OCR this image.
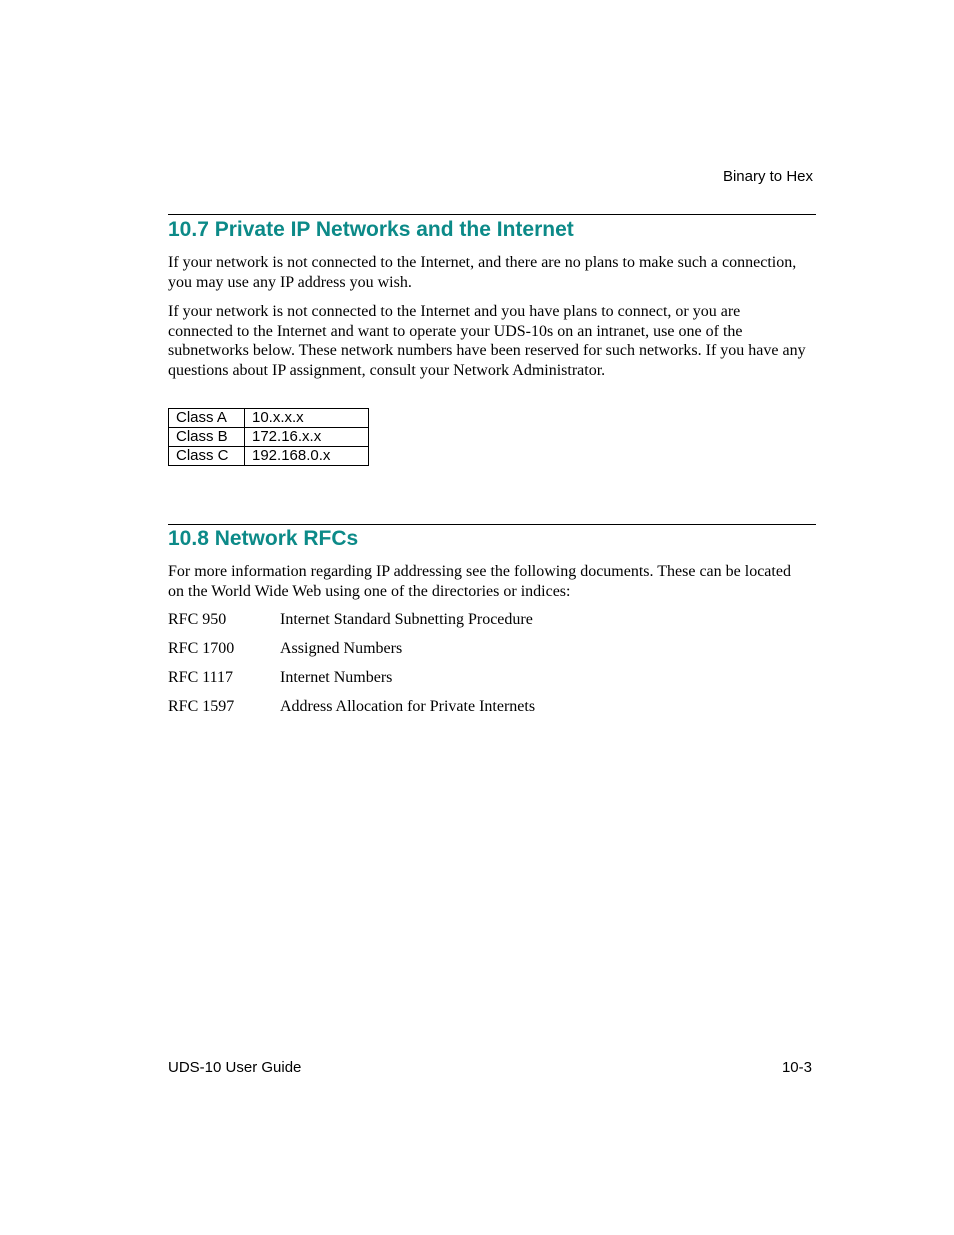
Binary to Hex
10.7 Private IP Networks and the Internet

If your network is not connected to the Internet, and there are no plans to make such a connection, you may use any IP address you wish.

If your network is not connected to the Internet and you have plans to connect, or you are connected to the Internet and want to operate your UDS-10s on an intranet, use one of the subnetworks below. These network numbers have been reserved for such networks. If you have any questions about IP assignment, consult your Network Administrator.

Class A	10.x.x.x
Class B	172.16.x.x
Class C	192.168.0.x
10.8 Network RFCs

For more information regarding IP addressing see the following documents. These can be located on the World Wide Web using one of the directories or indices:

RFC 950	Internet Standard Subnetting Procedure
RFC 1700	Assigned Numbers
RFC 1117	Internet Numbers
RFC 1597	Address Allocation for Private Internets
UDS-10 User Guide	10-3
